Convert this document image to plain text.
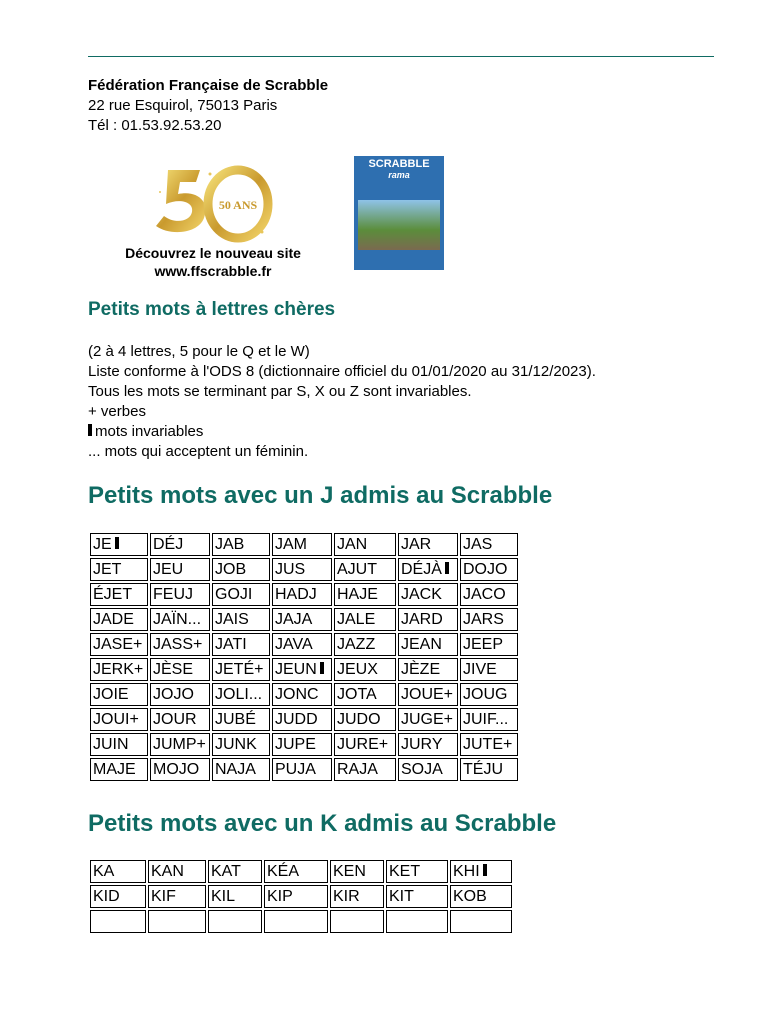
Fédération Française de Scrabble
22 rue Esquirol, 75013 Paris
Tél : 01.53.92.53.20
50 ANS
Découvrez le nouveau site
www.ffscrabble.fr
SCRABBLE
rama
Petits mots à lettres chères
(2 à 4 lettres, 5 pour le Q et le W)
Liste conforme à l'ODS 8 (dictionnaire officiel du 01/01/2020 au 31/12/2023).
Tous les mots se terminant par S, X ou Z sont invariables.
+ verbes
mots invariables
... mots qui acceptent un féminin.
Petits mots avec un J admis au Scrabble
JE	DÉJ	JAB	JAM	JAN	JAR	JAS
JET	JEU	JOB	JUS	AJUT	DÉJÀ	DOJO
ÉJET	FEUJ	GOJI	HADJ	HAJE	JACK	JACO
JADE	JAÏN...	JAIS	JAJA	JALE	JARD	JARS
JASE+	JASS+	JATI	JAVA	JAZZ	JEAN	JEEP
JERK+	JÈSE	JETÉ+	JEUN	JEUX	JÈZE	JIVE
JOIE	JOJO	JOLI...	JONC	JOTA	JOUE+	JOUG
JOUI+	JOUR	JUBÉ	JUDD	JUDO	JUGE+	JUIF...
JUIN	JUMP+	JUNK	JUPE	JURE+	JURY	JUTE+
MAJE	MOJO	NAJA	PUJA	RAJA	SOJA	TÉJU
Petits mots avec un K admis au Scrabble
KA	KAN	KAT	KÉA	KEN	KET	KHI
KID	KIF	KIL	KIP	KIR	KIT	KOB
